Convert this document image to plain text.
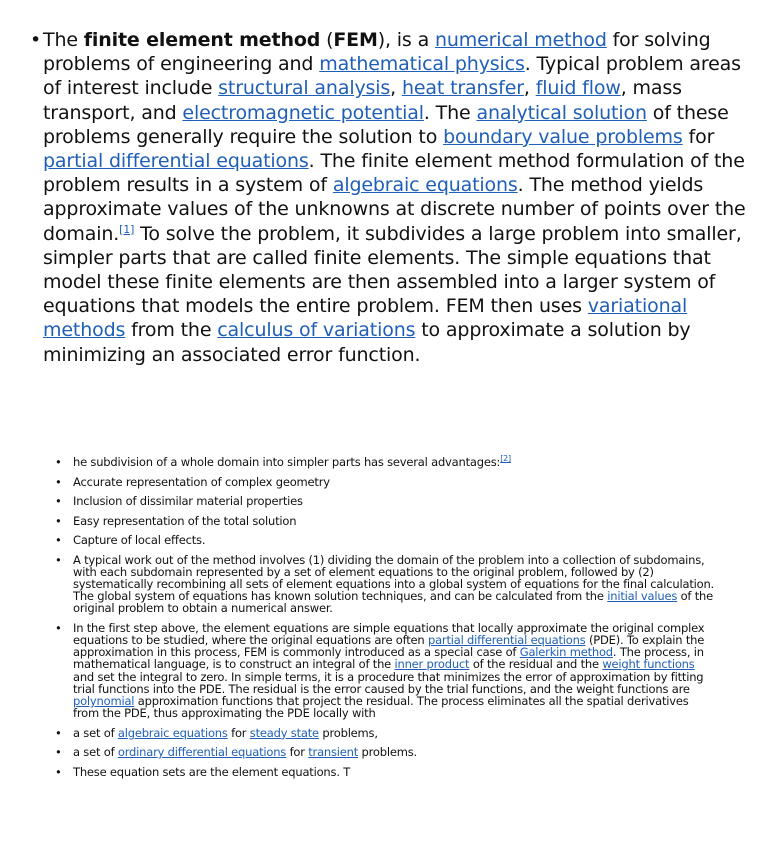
• The finite element method (FEM), is a numerical method for solving problems of engineering and mathematical physics. Typical problem areas of interest include structural analysis, heat transfer, fluid flow, mass transport, and electromagnetic potential. The analytical solution of these problems generally require the solution to boundary value problems for partial differential equations. The finite element method formulation of the problem results in a system of algebraic equations. The method yields approximate values of the unknowns at discrete number of points over the domain.[1] To solve the problem, it subdivides a large problem into smaller, simpler parts that are called finite elements. The simple equations that model these finite elements are then assembled into a larger system of equations that models the entire problem. FEM then uses variational methods from the calculus of variations to approximate a solution by minimizing an associated error function.
• he subdivision of a whole domain into simpler parts has several advantages:[2]
• Accurate representation of complex geometry
• Inclusion of dissimilar material properties
• Easy representation of the total solution
• Capture of local effects.
• A typical work out of the method involves (1) dividing the domain of the problem into a collection of subdomains, with each subdomain represented by a set of element equations to the original problem, followed by (2) systematically recombining all sets of element equations into a global system of equations for the final calculation. The global system of equations has known solution techniques, and can be calculated from the initial values of the original problem to obtain a numerical answer.
• In the first step above, the element equations are simple equations that locally approximate the original complex equations to be studied, where the original equations are often partial differential equations (PDE). To explain the approximation in this process, FEM is commonly introduced as a special case of Galerkin method. The process, in mathematical language, is to construct an integral of the inner product of the residual and the weight functions and set the integral to zero. In simple terms, it is a procedure that minimizes the error of approximation by fitting trial functions into the PDE. The residual is the error caused by the trial functions, and the weight functions are polynomial approximation functions that project the residual. The process eliminates all the spatial derivatives from the PDE, thus approximating the PDE locally with
• a set of algebraic equations for steady state problems,
• a set of ordinary differential equations for transient problems.
• These equation sets are the element equations. T
